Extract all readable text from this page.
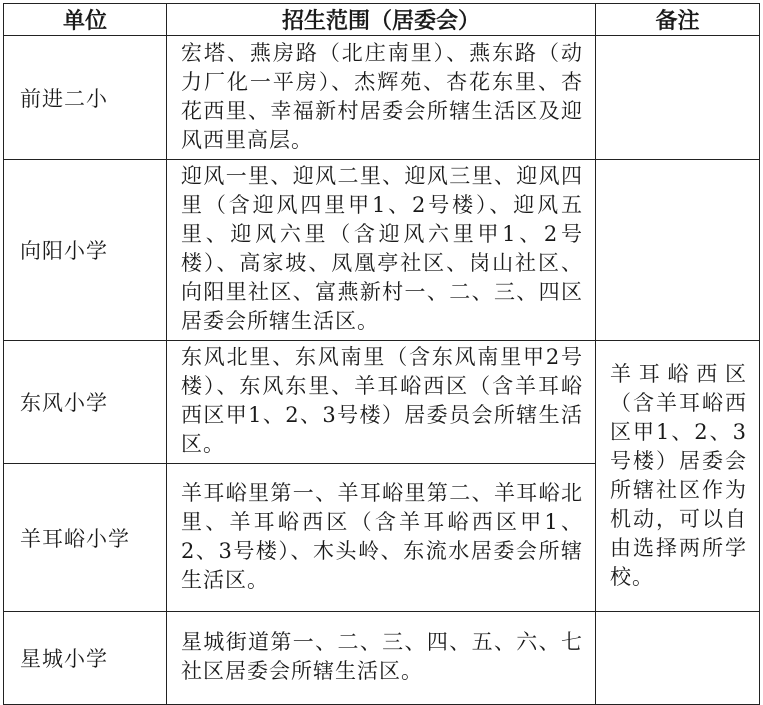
单位	招生范围（居委会）	备注
前进二小	宏塔、燕房路（北庄南里）、燕东路（动力厂化一平房）、杰辉苑、杏花东里、杏花西里、幸福新村居委会所辖生活区及迎风西里高层。	
向阳小学	迎风一里、迎风二里、迎风三里、迎风四里（含迎风四里甲1、2号楼）、迎风五里、迎风六里（含迎风六里甲1、2号楼）、高家坡、凤凰亭社区、岗山社区、向阳里社区、富燕新村一、二、三、四区居委会所辖生活区。	
东风小学	东风北里、东风南里（含东风南里甲2号楼）、东风东里、羊耳峪西区（含羊耳峪西区甲1、2、3号楼）居委员会所辖生活区。	羊耳峪西区（含羊耳峪西区甲1、2、3号楼）居委会所辖社区作为机动，可以自由选择两所学校。
羊耳峪小学	羊耳峪里第一、羊耳峪里第二、羊耳峪北里、羊耳峪西区（含羊耳峪西区甲1、2、3号楼）、木头岭、东流水居委会所辖生活区。	
星城小学	星城街道第一、二、三、四、五、六、七社区居委会所辖生活区。	
